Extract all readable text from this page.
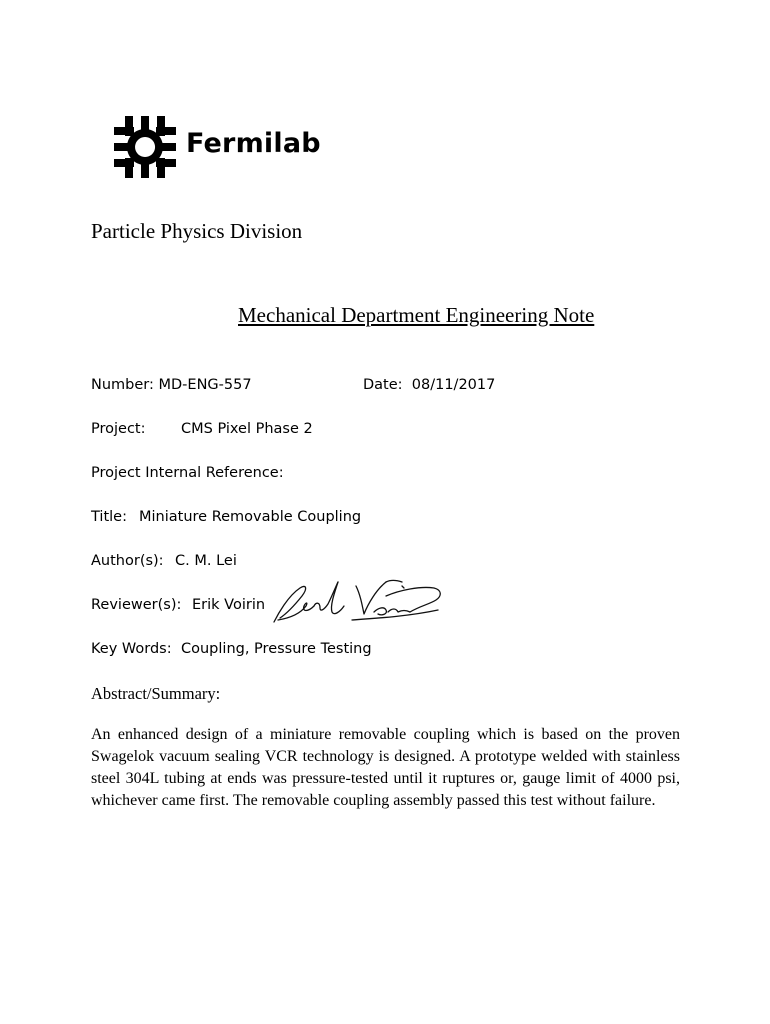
Fermilab
Particle Physics Division
Mechanical Department Engineering Note
Number: MD-ENG-557	Date: 08/11/2017
Project: CMS Pixel Phase 2
Project Internal Reference:
Title: Miniature Removable Coupling
Author(s): C. M. Lei
Reviewer(s): Erik Voirin
Key Words: Coupling, Pressure Testing
Abstract/Summary:

An enhanced design of a miniature removable coupling which is based on the proven Swagelok vacuum sealing VCR technology is designed. A prototype welded with stainless steel 304L tubing at ends was pressure-tested until it ruptures or, gauge limit of 4000 psi, whichever came first. The removable coupling assembly passed this test without failure.
